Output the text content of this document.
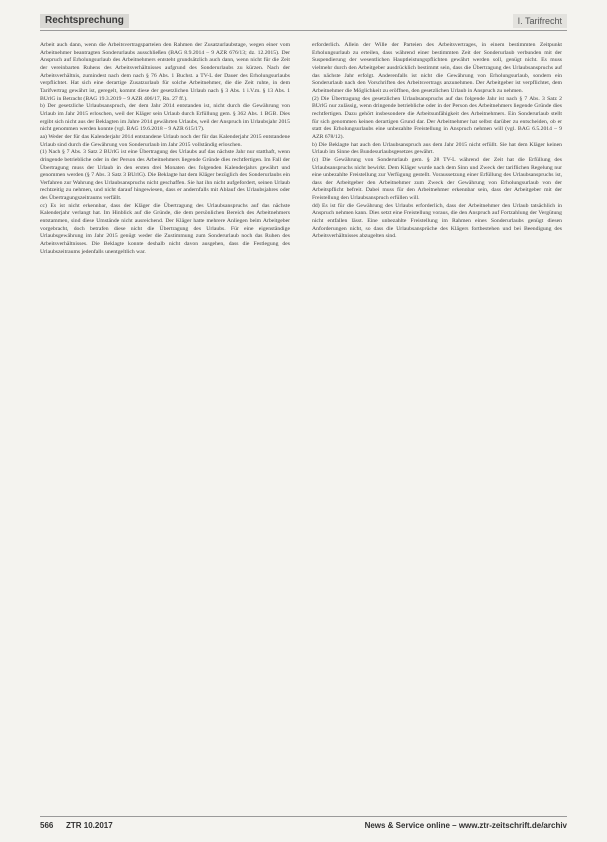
Rechtsprechung	I. Tarifrecht

Arbeit auch dann, wenn die Arbeitsvertragsparteien den Rahmen der Zusatzurlaubstage, wegen einer vom Arbeitnehmer beantragten Sonderurlaubs ausschließen (BAG 8.9.2014 – 9 AZR 676/13; dz. 12.2015). Der Anspruch auf Erholungsurlaub des Arbeitnehmers entsteht grundsätzlich auch dann, wenn nicht für die Zeit der vereinbarten Ruhens des Arbeitsverhältnisses aufgrund des Sonderurlaubs zu kürzen. Nach der Arbeitsverhältnis, zumindest nach dem nach § 76 Abs. 1 Buchst. a TV-L der Dauer des Erholungsurlaubs verpflichtet. Hat sich eine derartige Zusatzurlaub für solche Arbeitnehmer, die die Zeit ruhte, in dem Tarifvertrag gewährt ist, geregelt, kommt diese der gesetzlichen Urlaub nach § 3 Abs. 1 i.V.m. § 13 Abs. 1 BUrlG in Betracht (BAG 19.3.2019 – 9 AZR 406/17, Rn. 27 ff.).

b) Der gesetzliche Urlaubsanspruch, der dem Jahr 2014 entstanden ist, nicht durch die Gewährung von Urlaub im Jahr 2015 erloschen, weil der Kläger sein Urlaub durch Erfüllung gem. § 362 Abs. 1 BGB. Dies ergibt sich nicht aus der Beklagten im Jahre 2014 gewährten Urlaubs, weil der Anspruch im Urlaubsjahr 2015 nicht genommen werden konnte (vgl. BAG 19.6.2018 – 9 AZR 615/17).

aa) Weder der für das Kalenderjahr 2014 entstandene Urlaub noch der für das Kalenderjahr 2015 entstandene Urlaub sind durch die Gewährung von Sonderurlaub im Jahr 2015 vollständig erloschen.

(1) Nach § 7 Abs. 3 Satz 2 BUrlG ist eine Übertragung des Urlaubs auf das nächste Jahr nur statthaft, wenn dringende betriebliche oder in der Person des Arbeitnehmers liegende Gründe dies rechtfertigen. Im Fall der Übertragung muss der Urlaub in den ersten drei Monaten des folgenden Kalenderjahrs gewährt und genommen werden (§ 7 Abs. 3 Satz 3 BUrlG). Die Beklagte hat dem Kläger bezüglich des Sonderurlaubs ein Verfahren zur Wahrung des Urlaubsanspruchs nicht geschaffen. Sie hat ihn nicht aufgefordert, seinen Urlaub rechtzeitig zu nehmen, und nicht darauf hingewiesen, dass er andernfalls mit Ablauf des Urlaubsjahres oder des Übertragungszeitraums verfällt.

cc) Es ist nicht erkennbar, dass der Kläger die Übertragung des Urlaubsanspruchs auf das nächste Kalenderjahr verlangt hat. Im Hinblick auf die Gründe, die dem persönlichen Bereich des Arbeitnehmers entstammen, sind diese Umstände nicht ausreichend. Der Kläger hatte mehrere Anliegen beim Arbeitgeber vorgebracht, doch betrafen diese nicht die Übertragung des Urlaubs. Für eine eigenständige Urlaubsgewährung im Jahr 2015 genügt weder die Zustimmung zum Sonderurlaub noch das Ruhen des Arbeitsverhältnisses. Die Beklagte konnte deshalb nicht davon ausgehen, dass die Festlegung des Urlaubszeitraums jedenfalls unentgeltlich war.

erforderlich. Allein der Wille der Parteien des Arbeitsvertrages, in einem bestimmten Zeitpunkt Erholungsurlaub zu erteilen, dass während einer bestimmten Zeit der Sonderurlaub verbunden mit der Suspendierung der wesentlichen Hauptleistungspflichten gewährt werden soll, genügt nicht. Es muss vielmehr durch den Arbeitgeber ausdrücklich bestimmt sein, dass die Übertragung des Urlaubsanspruchs auf das nächste Jahr erfolgt. Anderenfalls ist nicht die Gewährung von Erholungsurlaub, sondern ein Sonderurlaub nach den Vorschriften des Arbeitsvertrags anzunehmen. Der Arbeitgeber ist verpflichtet, dem Arbeitnehmer die Möglichkeit zu eröffnen, den gesetzlichen Urlaub in Anspruch zu nehmen.

(2) Die Übertragung des gesetzlichen Urlaubsanspruchs auf das folgende Jahr ist nach § 7 Abs. 3 Satz 2 BUrlG nur zulässig, wenn dringende betriebliche oder in der Person des Arbeitnehmers liegende Gründe dies rechtfertigen. Dazu gehört insbesondere die Arbeitsunfähigkeit des Arbeitnehmers. Ein Sonderurlaub stellt für sich genommen keinen derartigen Grund dar. Der Arbeitnehmer hat selbst darüber zu entscheiden, ob er statt des Erholungsurlaubs eine unbezahlte Freistellung in Anspruch nehmen will (vgl. BAG 6.5.2014 – 9 AZR 678/12).

b) Die Beklagte hat auch den Urlaubsanspruch aus dem Jahr 2015 nicht erfüllt. Sie hat dem Kläger keinen Urlaub im Sinne des Bundesurlaubsgesetzes gewährt.

(c) Die Gewährung von Sonderurlaub gem. § 28 TV-L während der Zeit hat die Erfüllung des Urlaubsanspruchs nicht bewirkt. Dem Kläger wurde nach dem Sinn und Zweck der tariflichen Regelung nur eine unbezahlte Freistellung zur Verfügung gestellt. Voraussetzung einer Erfüllung des Urlaubsanspruchs ist, dass der Arbeitgeber den Arbeitnehmer zum Zweck der Gewährung von Erholungsurlaub von der Arbeitspflicht befreit. Dabei muss für den Arbeitnehmer erkennbar sein, dass der Arbeitgeber mit der Freistellung den Urlaubsanspruch erfüllen will.

dd) Es ist für die Gewährung des Urlaubs erforderlich, dass der Arbeitnehmer den Urlaub tatsächlich in Anspruch nehmen kann. Dies setzt eine Freistellung voraus, die den Anspruch auf Fortzahlung der Vergütung nicht entfallen lässt. Eine unbezahlte Freistellung im Rahmen eines Sonderurlaubs genügt diesen Anforderungen nicht, so dass die Urlaubsansprüche des Klägers fortbestehen und bei Beendigung des Arbeitsverhältnisses abzugelten sind.

566 ZTR 10.2017	News & Service online – www.ztr-zeitschrift.de/archiv
